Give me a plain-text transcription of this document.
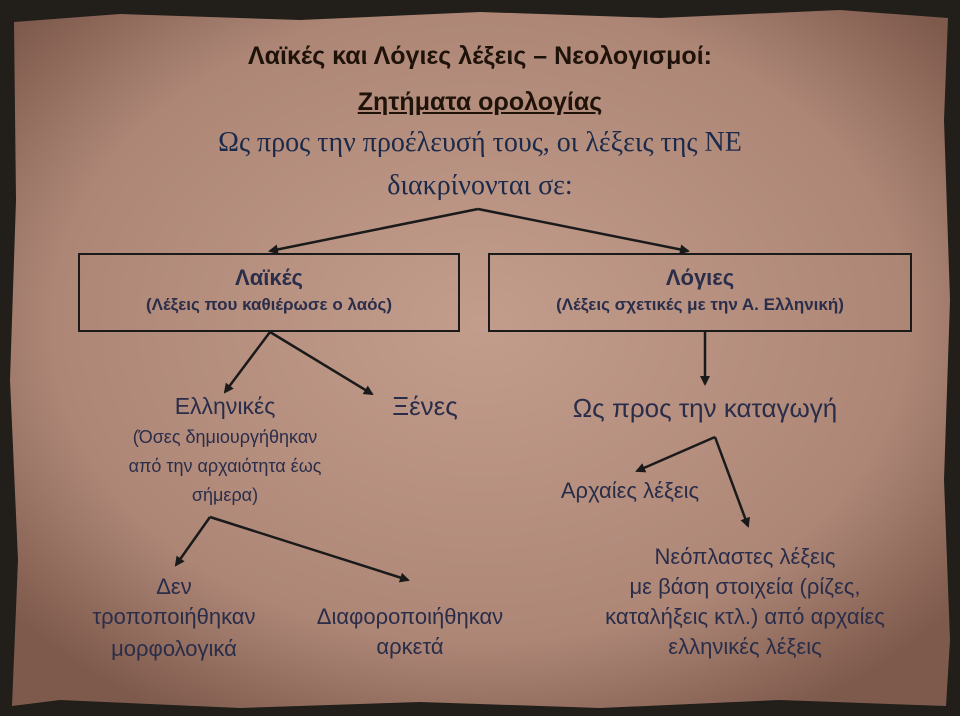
Λαϊκές και Λόγιες λέξεις – Νεολογισμοί:
Ζητήματα ορολογίας
Ως προς την προέλευσή τους, οι λέξεις της ΝΕ
διακρίνονται σε:
Λαϊκές
(Λέξεις που καθιέρωσε ο λαός)
Λόγιες
(Λέξεις σχετικές με την Α. Ελληνική)
Ελληνικές
(Όσες δημιουργήθηκαν
από την αρχαιότητα έως
σήμερα)
Ξένες	Ως προς την καταγωγή
Αρχαίες λέξεις
Νεόπλαστες λέξεις
με βάση στοιχεία (ρίζες,
καταλήξεις κτλ.) από αρχαίες
ελληνικές λέξεις
Δεν
τροποποιήθηκαν
μορφολογικά
Διαφοροποιήθηκαν
αρκετά
